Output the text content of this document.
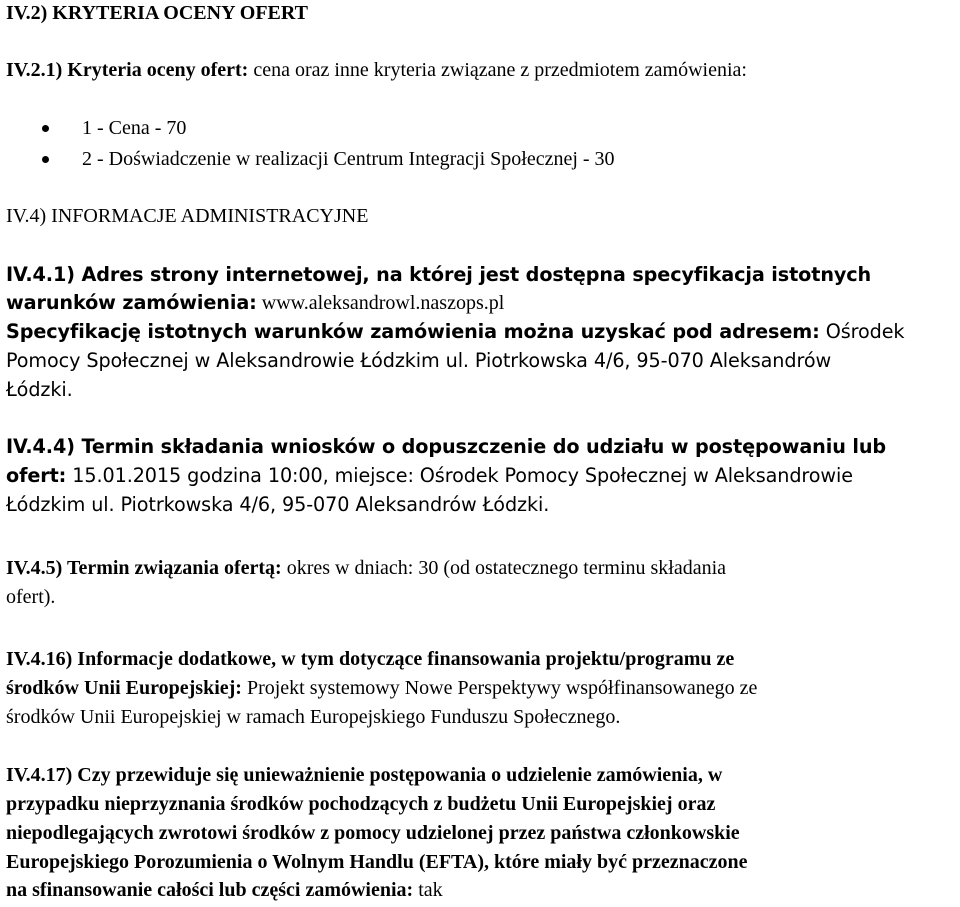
IV.2) KRYTERIA OCENY OFERT
IV.2.1) Kryteria oceny ofert: cena oraz inne kryteria związane z przedmiotem zamówienia:
1 - Cena - 70
2 - Doświadczenie w realizacji Centrum Integracji Społecznej - 30
IV.4) INFORMACJE ADMINISTRACYJNE
IV.4.1) Adres strony internetowej, na której jest dostępna specyfikacja istotnych
warunków zamówienia: www.aleksandrowl.naszops.pl
Specyfikację istotnych warunków zamówienia można uzyskać pod adresem: Ośrodek
Pomocy Społecznej w Aleksandrowie Łódzkim ul. Piotrkowska 4/6, 95-070 Aleksandrów
Łódzki.
IV.4.4) Termin składania wniosków o dopuszczenie do udziału w postępowaniu lub
ofert: 15.01.2015 godzina 10:00, miejsce: Ośrodek Pomocy Społecznej w Aleksandrowie
Łódzkim ul. Piotrkowska 4/6, 95-070 Aleksandrów Łódzki.
IV.4.5) Termin związania ofertą: okres w dniach: 30 (od ostatecznego terminu składania
ofert).
IV.4.16) Informacje dodatkowe, w tym dotyczące finansowania projektu/programu ze
środków Unii Europejskiej: Projekt systemowy Nowe Perspektywy współfinansowanego ze
środków Unii Europejskiej w ramach Europejskiego Funduszu Społecznego.
IV.4.17) Czy przewiduje się unieważnienie postępowania o udzielenie zamówienia, w
przypadku nieprzyznania środków pochodzących z budżetu Unii Europejskiej oraz
niepodlegających zwrotowi środków z pomocy udzielonej przez państwa członkowskie
Europejskiego Porozumienia o Wolnym Handlu (EFTA), które miały być przeznaczone
na sfinansowanie całości lub części zamówienia: tak
